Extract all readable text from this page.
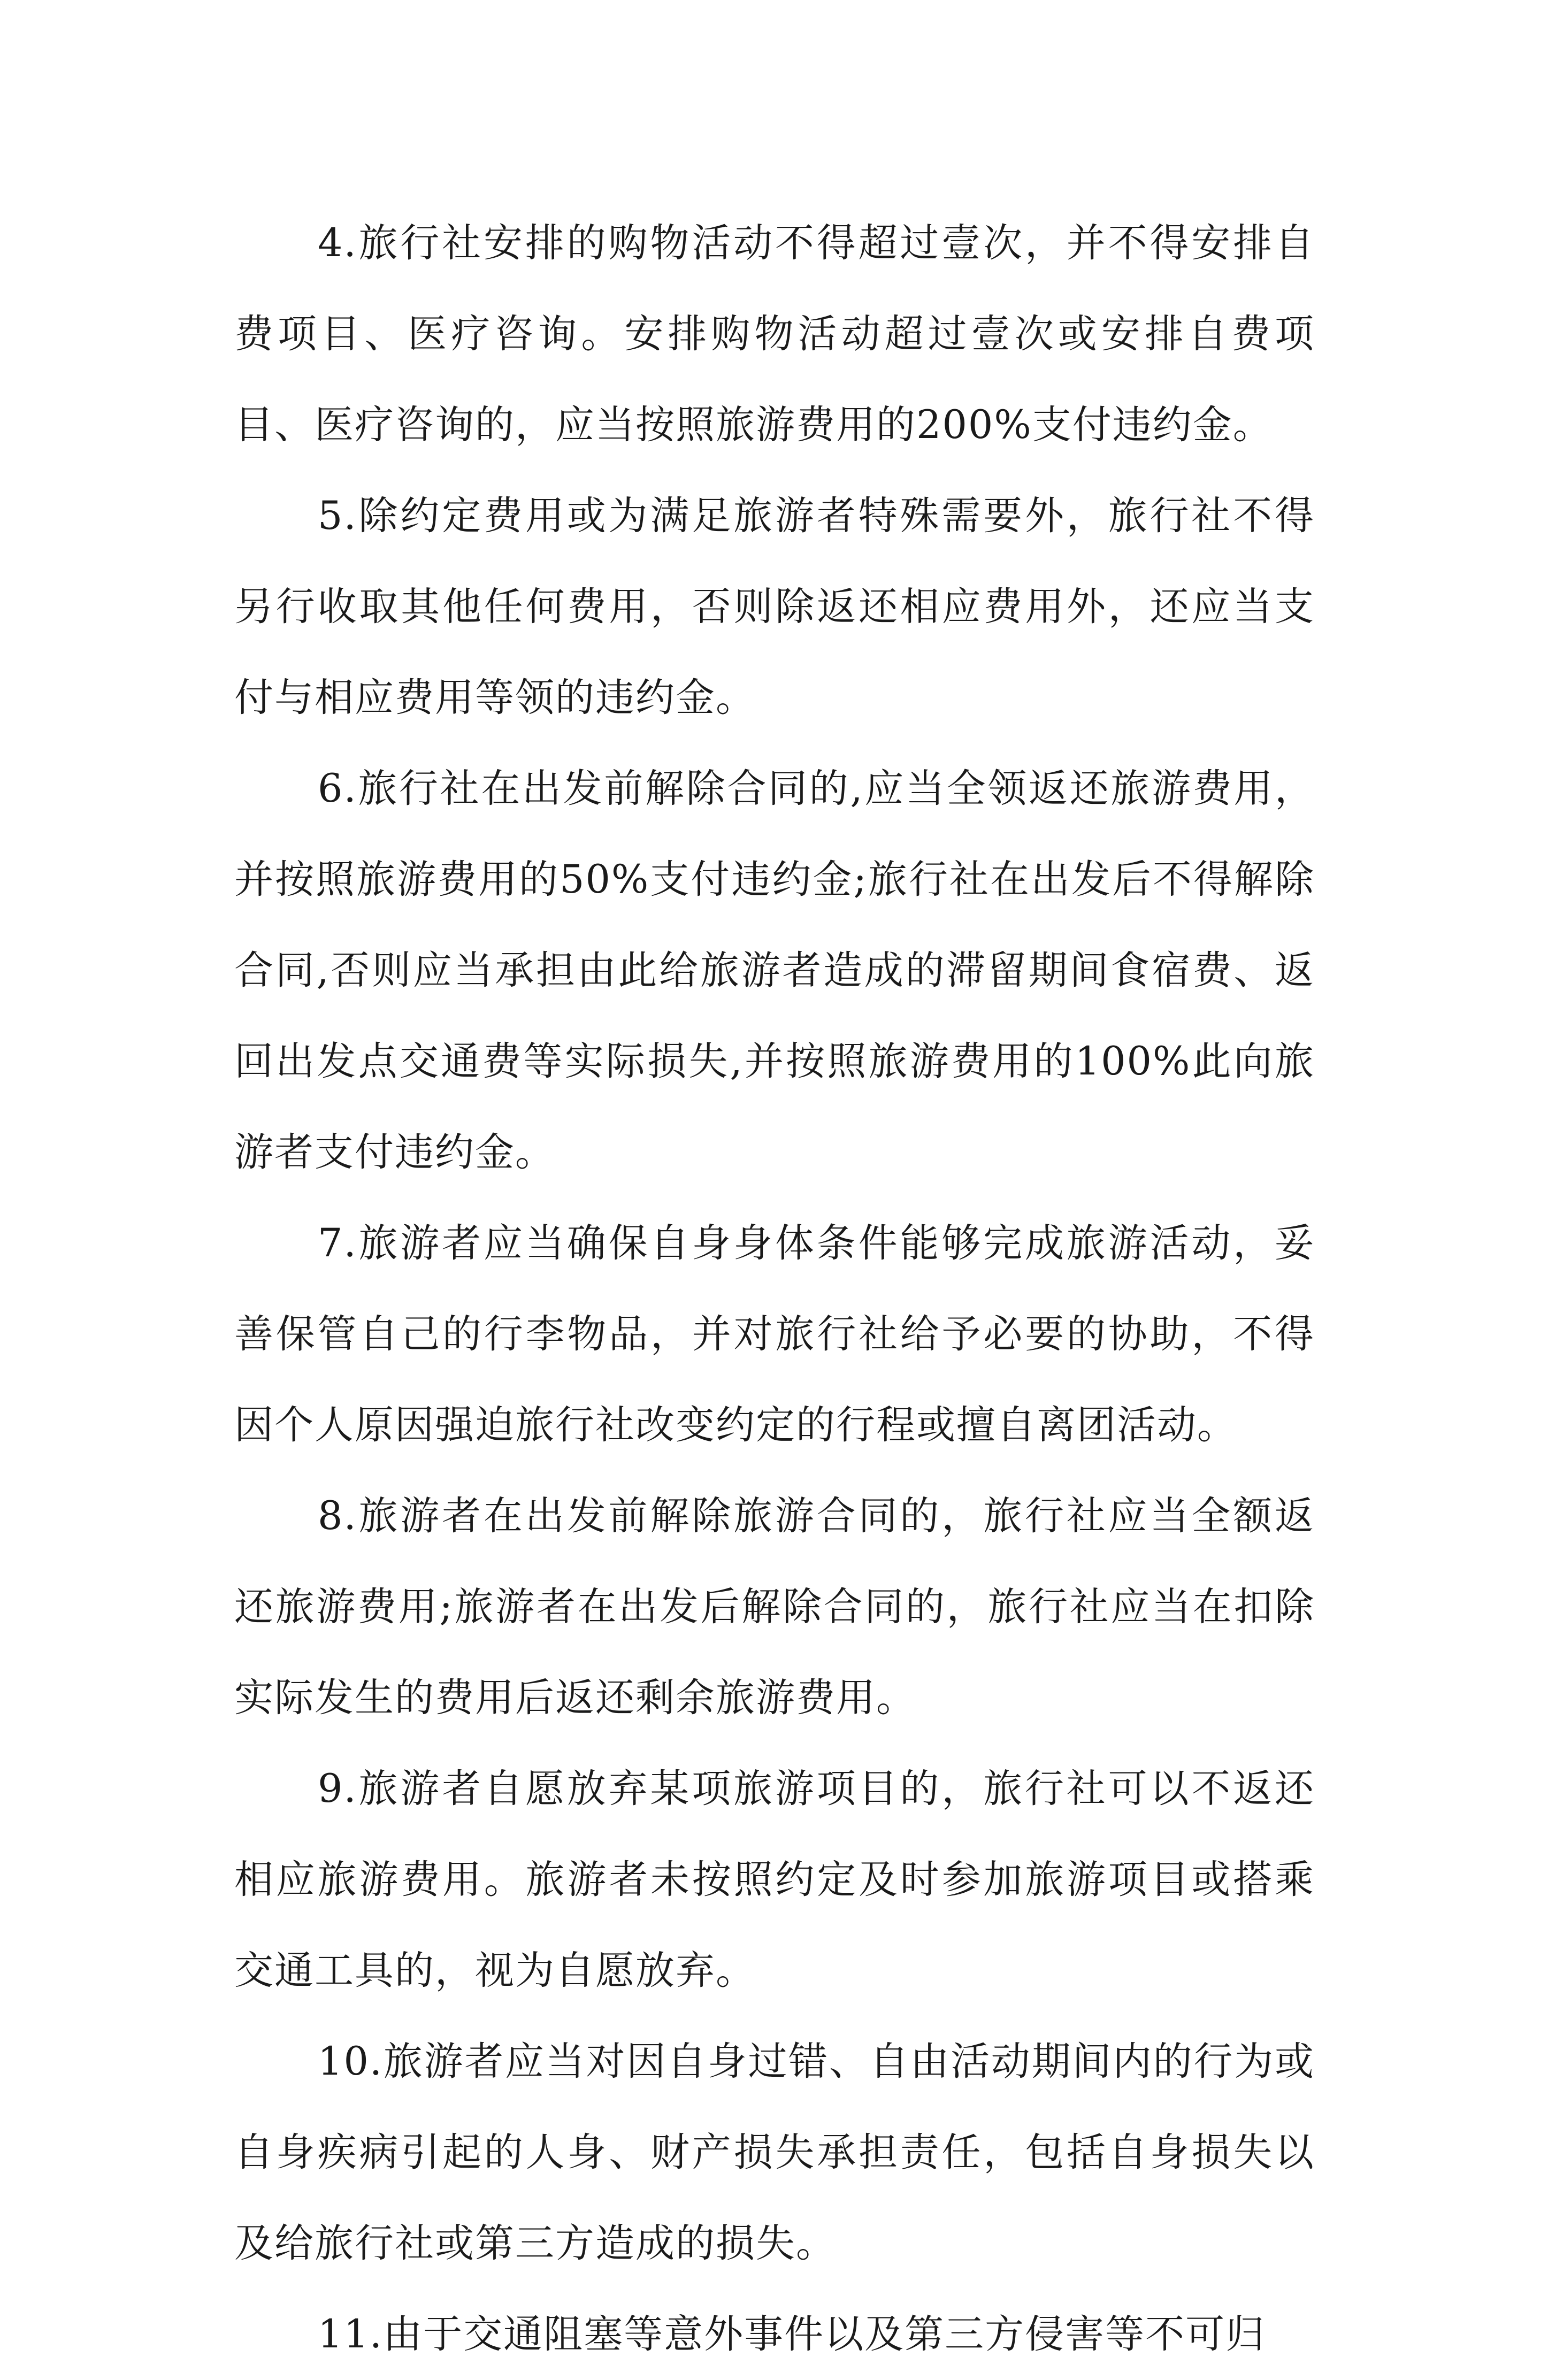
4.旅行社安排的购物活动不得超过壹次，并不得安排自费项目、医疗咨询。安排购物活动超过壹次或安排自费项目、医疗咨询的，应当按照旅游费用的200%支付违约金。

5.除约定费用或为满足旅游者特殊需要外，旅行社不得另行收取其他任何费用，否则除返还相应费用外，还应当支付与相应费用等领的违约金。

6.旅行社在出发前解除合同的,应当全领返还旅游费用，并按照旅游费用的50%支付违约金;旅行社在出发后不得解除合同,否则应当承担由此给旅游者造成的滞留期间食宿费、返回出发点交通费等实际损失,并按照旅游费用的100%此向旅游者支付违约金。

7.旅游者应当确保自身身体条件能够完成旅游活动，妥善保管自己的行李物品，并对旅行社给予必要的协助，不得因个人原因强迫旅行社改变约定的行程或擅自离团活动。

8.旅游者在出发前解除旅游合同的，旅行社应当全额返还旅游费用;旅游者在出发后解除合同的，旅行社应当在扣除实际发生的费用后返还剩余旅游费用。

9.旅游者自愿放弃某项旅游项目的，旅行社可以不返还相应旅游费用。旅游者未按照约定及时参加旅游项目或搭乘交通工具的，视为自愿放弃。

10.旅游者应当对因自身过错、自由活动期间内的行为或自身疾病引起的人身、财产损失承担责任，包括自身损失以及给旅行社或第三方造成的损失。

11.由于交通阻塞等意外事件以及第三方侵害等不可归
